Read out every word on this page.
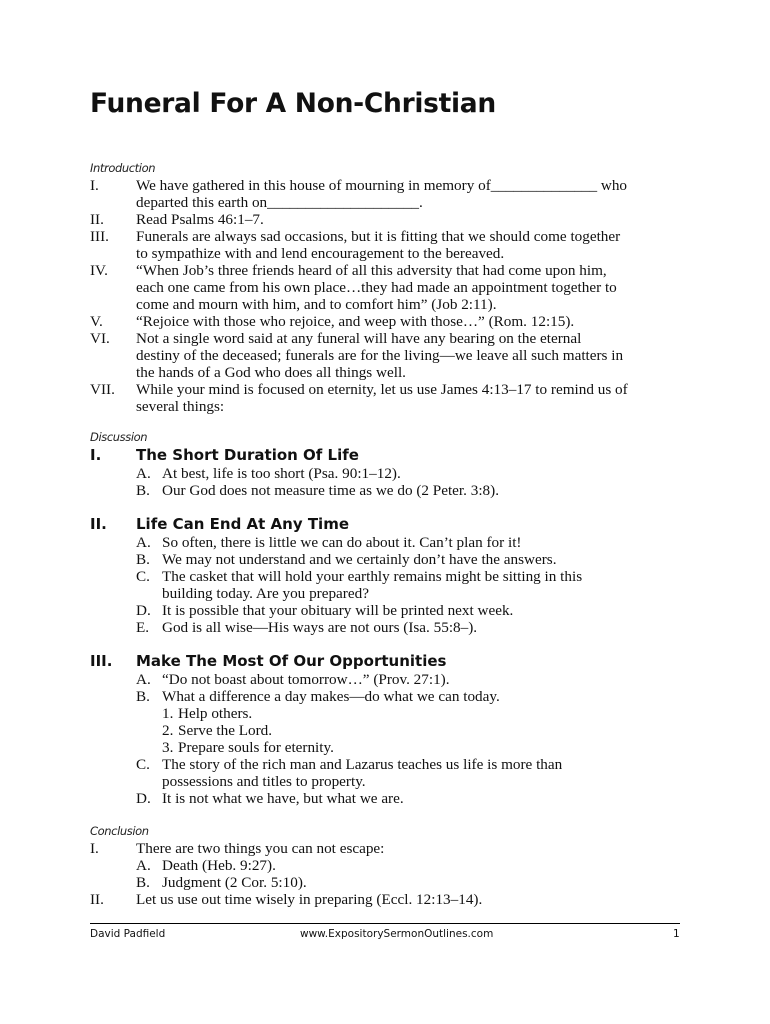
Funeral For A Non-Christian
Introduction
I. We have gathered in this house of mourning in memory of______________ who
departed this earth on____________________.
II. Read Psalms 46:1–7.
III. Funerals are always sad occasions, but it is fitting that we should come together
to sympathize with and lend encouragement to the bereaved.
IV. “When Job’s three friends heard of all this adversity that had come upon him,
each one came from his own place…they had made an appointment together to
come and mourn with him, and to comfort him” (Job 2:11).
V. “Rejoice with those who rejoice, and weep with those…” (Rom. 12:15).
VI. Not a single word said at any funeral will have any bearing on the eternal
destiny of the deceased; funerals are for the living—we leave all such matters in
the hands of a God who does all things well.
VII. While your mind is focused on eternity, let us use James 4:13–17 to remind us of
several things:
Discussion
I. The Short Duration Of Life
A. At best, life is too short (Psa. 90:1–12).
B. Our God does not measure time as we do (2 Peter. 3:8).
II. Life Can End At Any Time
A. So often, there is little we can do about it. Can’t plan for it!
B. We may not understand and we certainly don’t have the answers.
C. The casket that will hold your earthly remains might be sitting in this
building today. Are you prepared?
D. It is possible that your obituary will be printed next week.
E. God is all wise—His ways are not ours (Isa. 55:8–).
III. Make The Most Of Our Opportunities
A. “Do not boast about tomorrow…” (Prov. 27:1).
B. What a difference a day makes—do what we can today.
1. Help others.
2. Serve the Lord.
3. Prepare souls for eternity.
C. The story of the rich man and Lazarus teaches us life is more than
possessions and titles to property.
D. It is not what we have, but what we are.
Conclusion
I. There are two things you can not escape:
A. Death (Heb. 9:27).
B. Judgment (2 Cor. 5:10).
II. Let us use out time wisely in preparing (Eccl. 12:13–14).
David Padfield	www.ExpositorySermonOutlines.com	1
